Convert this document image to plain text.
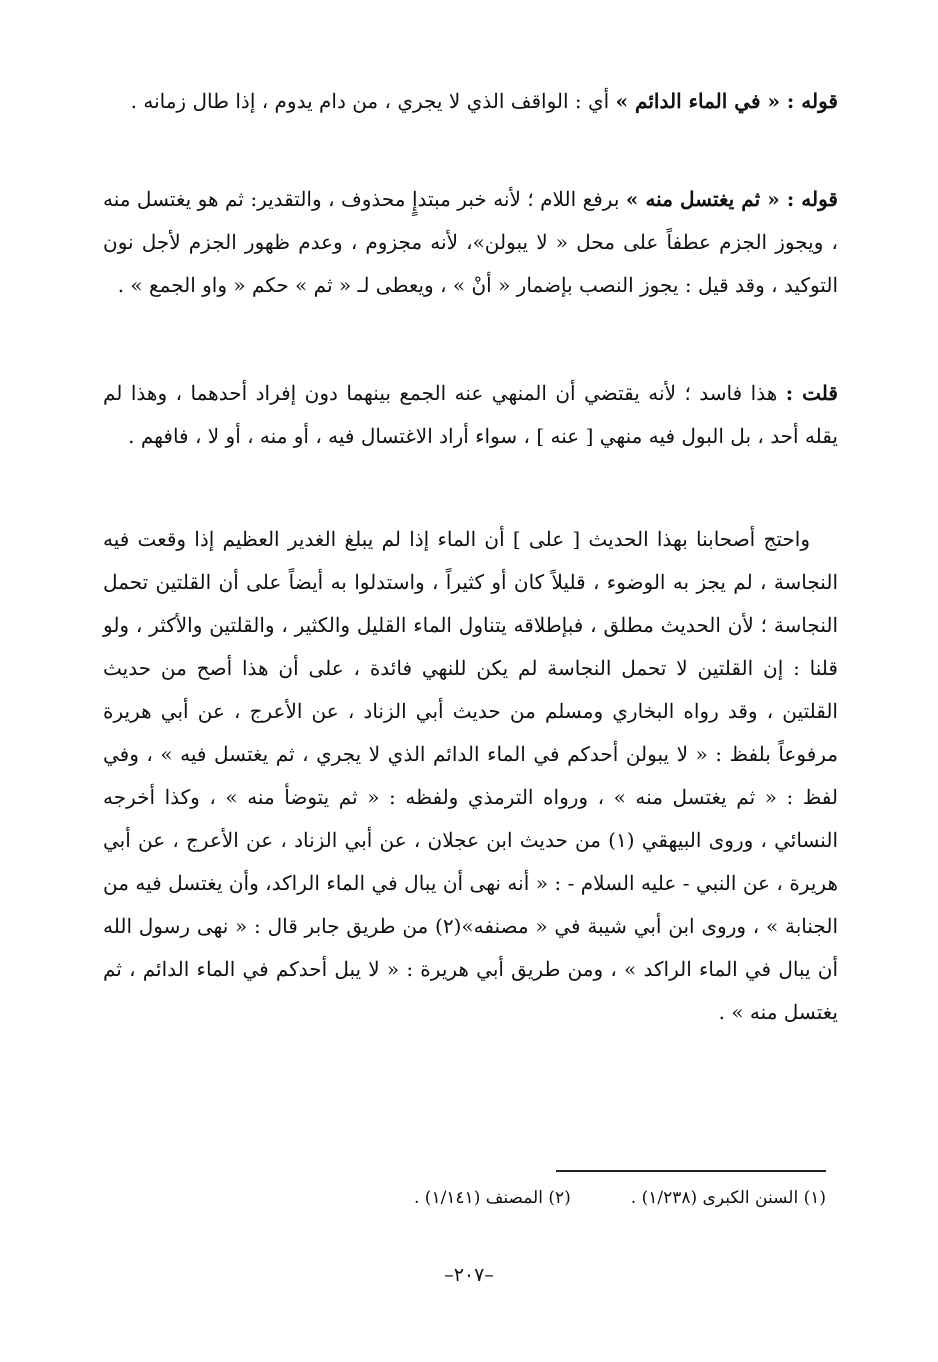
قوله : « في الماء الدائم » أي : الواقف الذي لا يجري ، من دام يدوم ، إذا طال زمانه .

قوله : « ثم يغتسل منه » برفع اللام ؛ لأنه خبر مبتدإٍ محذوف ، والتقدير: ثم هو يغتسل منه ، ويجوز الجزم عطفاً على محل « لا يبولن»، لأنه مجزوم ، وعدم ظهور الجزم لأجل نون التوكيد ، وقد قيل : يجوز النصب بإضمار « أنْ » ، ويعطى لـ « ثم » حكم « واو الجمع » .

قلت : هذا فاسد ؛ لأنه يقتضي أن المنهي عنه الجمع بينهما دون إفراد أحدهما ، وهذا لم يقله أحد ، بل البول فيه منهي [ عنه ] ، سواء أراد الاغتسال فيه ، أو منه ، أو لا ، فافهم .

واحتج أصحابنا بهذا الحديث [ على ] أن الماء إذا لم يبلغ الغدير العظيم إذا وقعت فيه النجاسة ، لم يجز به الوضوء ، قليلاً كان أو كثيراً ، واستدلوا به أيضاً على أن القلتين تحمل النجاسة ؛ لأن الحديث مطلق ، فبإطلاقه يتناول الماء القليل والكثير ، والقلتين والأكثر ، ولو قلنا : إن القلتين لا تحمل النجاسة لم يكن للنهي فائدة ، على أن هذا أصح من حديث القلتين ، وقد رواه البخاري ومسلم من حديث أبي الزناد ، عن الأعرج ، عن أبي هريرة مرفوعاً بلفظ : « لا يبولن أحدكم في الماء الدائم الذي لا يجري ، ثم يغتسل فيه » ، وفي لفظ : « ثم يغتسل منه » ، ورواه الترمذي ولفظه : « ثم يتوضأ منه » ، وكذا أخرجه النسائي ، وروى البيهقي (١) من حديث ابن عجلان ، عن أبي الزناد ، عن الأعرج ، عن أبي هريرة ، عن النبي - عليه السلام - : « أنه نهى أن يبال في الماء الراكد، وأن يغتسل فيه من الجنابة » ، وروى ابن أبي شيبة في « مصنفه»(٢) من طريق جابر قال : « نهى رسول الله أن يبال في الماء الراكد » ، ومن طريق أبي هريرة : « لا يبل أحدكم في الماء الدائم ، ثم يغتسل منه » .

(١) السنن الكبرى (١/٢٣٨) .
(٢) المصنف (١/١٤١) .
–٢٠٧–
